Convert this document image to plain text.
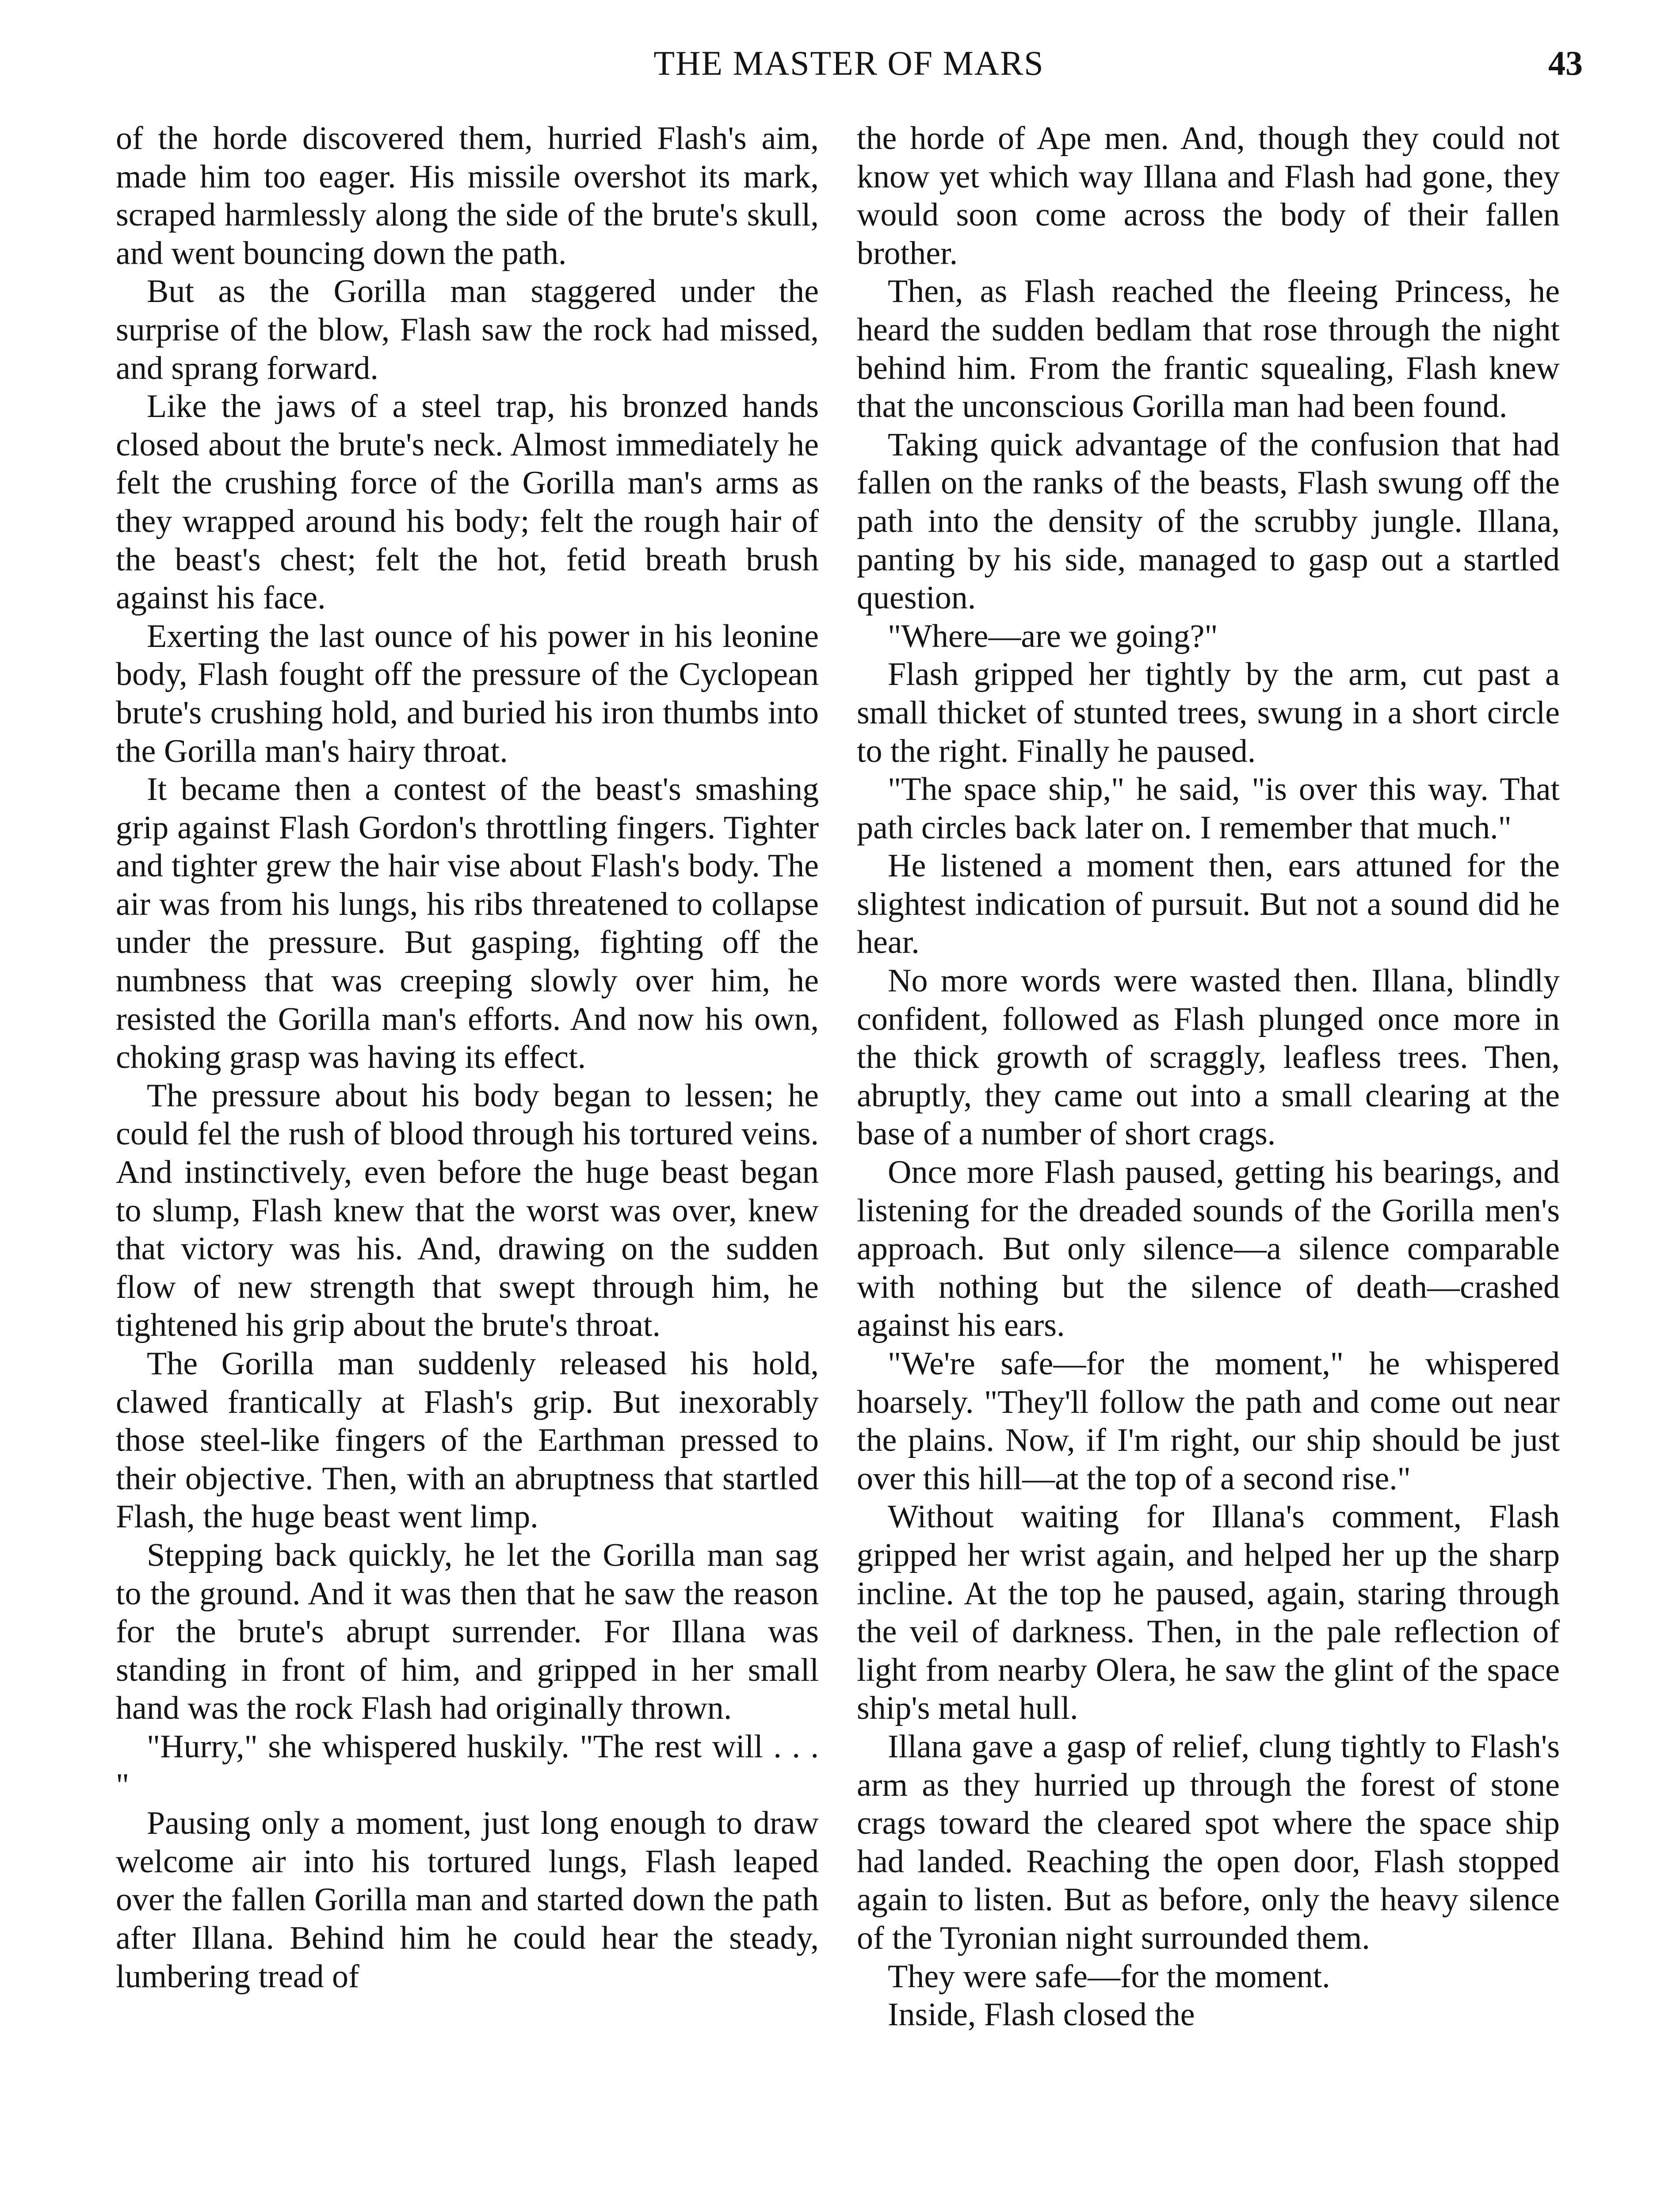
THE MASTER OF MARS	43

of the horde discovered them, hurried Flash's aim, made him too eager. His missile overshot its mark, scraped harmlessly along the side of the brute's skull, and went bouncing down the path.

But as the Gorilla man staggered under the surprise of the blow, Flash saw the rock had missed, and sprang forward.

Like the jaws of a steel trap, his bronzed hands closed about the brute's neck. Almost immediately he felt the crushing force of the Gorilla man's arms as they wrapped around his body; felt the rough hair of the beast's chest; felt the hot, fetid breath brush against his face.

Exerting the last ounce of his power in his leonine body, Flash fought off the pressure of the Cyclopean brute's crushing hold, and buried his iron thumbs into the Gorilla man's hairy throat.

It became then a contest of the beast's smashing grip against Flash Gordon's throttling fingers. Tighter and tighter grew the hair vise about Flash's body. The air was from his lungs, his ribs threatened to collapse under the pressure. But gasping, fighting off the numbness that was creeping slowly over him, he resisted the Gorilla man's efforts. And now his own, choking grasp was having its effect.

The pressure about his body began to lessen; he could fel the rush of blood through his tortured veins. And instinctively, even before the huge beast began to slump, Flash knew that the worst was over, knew that victory was his. And, drawing on the sudden flow of new strength that swept through him, he tightened his grip about the brute's throat.

The Gorilla man suddenly released his hold, clawed frantically at Flash's grip. But inexorably those steel-like fingers of the Earthman pressed to their objective. Then, with an abruptness that startled Flash, the huge beast went limp.

Stepping back quickly, he let the Gorilla man sag to the ground. And it was then that he saw the reason for the brute's abrupt surrender. For Illana was standing in front of him, and gripped in her small hand was the rock Flash had originally thrown.

"Hurry," she whispered huskily. "The rest will . . . "

Pausing only a moment, just long enough to draw welcome air into his tortured lungs, Flash leaped over the fallen Gorilla man and started down the path after Illana. Behind him he could hear the steady, lumbering tread of

the horde of Ape men. And, though they could not know yet which way Illana and Flash had gone, they would soon come across the body of their fallen brother.

Then, as Flash reached the fleeing Princess, he heard the sudden bedlam that rose through the night behind him. From the frantic squealing, Flash knew that the unconscious Gorilla man had been found.

Taking quick advantage of the confusion that had fallen on the ranks of the beasts, Flash swung off the path into the density of the scrubby jungle. Illana, panting by his side, managed to gasp out a startled question.

"Where—are we going?"

Flash gripped her tightly by the arm, cut past a small thicket of stunted trees, swung in a short circle to the right. Finally he paused.

"The space ship," he said, "is over this way. That path circles back later on. I remember that much."

He listened a moment then, ears attuned for the slightest indication of pursuit. But not a sound did he hear.

No more words were wasted then. Illana, blindly confident, followed as Flash plunged once more in the thick growth of scraggly, leafless trees. Then, abruptly, they came out into a small clearing at the base of a number of short crags.

Once more Flash paused, getting his bearings, and listening for the dreaded sounds of the Gorilla men's approach. But only silence—a silence comparable with nothing but the silence of death—crashed against his ears.

"We're safe—for the moment," he whispered hoarsely. "They'll follow the path and come out near the plains. Now, if I'm right, our ship should be just over this hill—at the top of a second rise."

Without waiting for Illana's comment, Flash gripped her wrist again, and helped her up the sharp incline. At the top he paused, again, staring through the veil of darkness. Then, in the pale reflection of light from nearby Olera, he saw the glint of the space ship's metal hull.

Illana gave a gasp of relief, clung tightly to Flash's arm as they hurried up through the forest of stone crags toward the cleared spot where the space ship had landed. Reaching the open door, Flash stopped again to listen. But as before, only the heavy silence of the Tyronian night surrounded them.

They were safe—for the moment.

Inside, Flash closed the
